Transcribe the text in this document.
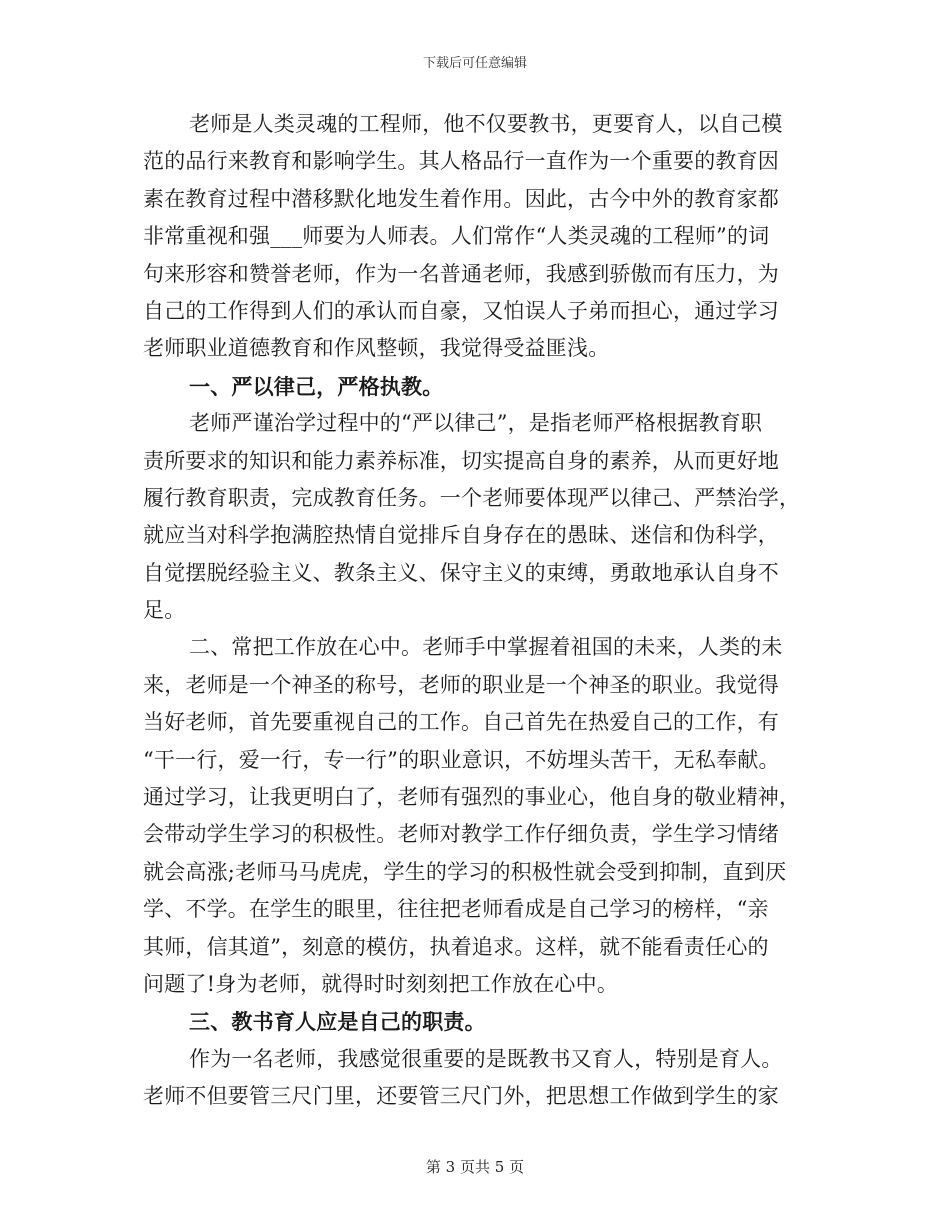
下载后可任意编辑
老师是人类灵魂的工程师，他不仅要教书，更要育人，以自己模
范的品行来教育和影响学生。其人格品行一直作为一个重要的教育因
素在教育过程中潜移默化地发生着作用。因此，古今中外的教育家都
非常重视和强___师要为人师表。人们常作“人类灵魂的工程师”的词
句来形容和赞誉老师，作为一名普通老师，我感到骄傲而有压力，为
自己的工作得到人们的承认而自豪，又怕误人子弟而担心，通过学习
老师职业道德教育和作风整顿，我觉得受益匪浅。
一、严以律己，严格执教。
老师严谨治学过程中的“严以律己”，是指老师严格根据教育职
责所要求的知识和能力素养标准，切实提高自身的素养，从而更好地
履行教育职责，完成教育任务。一个老师要体现严以律己、严禁治学，
就应当对科学抱满腔热情自觉排斥自身存在的愚昧、迷信和伪科学，
自觉摆脱经验主义、教条主义、保守主义的束缚，勇敢地承认自身不
足。
二、常把工作放在心中。老师手中掌握着祖国的未来，人类的未
来，老师是一个神圣的称号，老师的职业是一个神圣的职业。我觉得
当好老师，首先要重视自己的工作。自己首先在热爱自己的工作，有
“干一行，爱一行，专一行”的职业意识，不妨埋头苦干，无私奉献。
通过学习，让我更明白了，老师有强烈的事业心，他自身的敬业精神，
会带动学生学习的积极性。老师对教学工作仔细负责，学生学习情绪
就会高涨;老师马马虎虎，学生的学习的积极性就会受到抑制，直到厌
学、不学。在学生的眼里，往往把老师看成是自己学习的榜样，“亲
其师，信其道”，刻意的模仿，执着追求。这样，就不能看责任心的
问题了!身为老师，就得时时刻刻把工作放在心中。
三、教书育人应是自己的职责。
作为一名老师，我感觉很重要的是既教书又育人，特别是育人。
老师不但要管三尺门里，还要管三尺门外，把思想工作做到学生的家
第 3 页共 5 页
